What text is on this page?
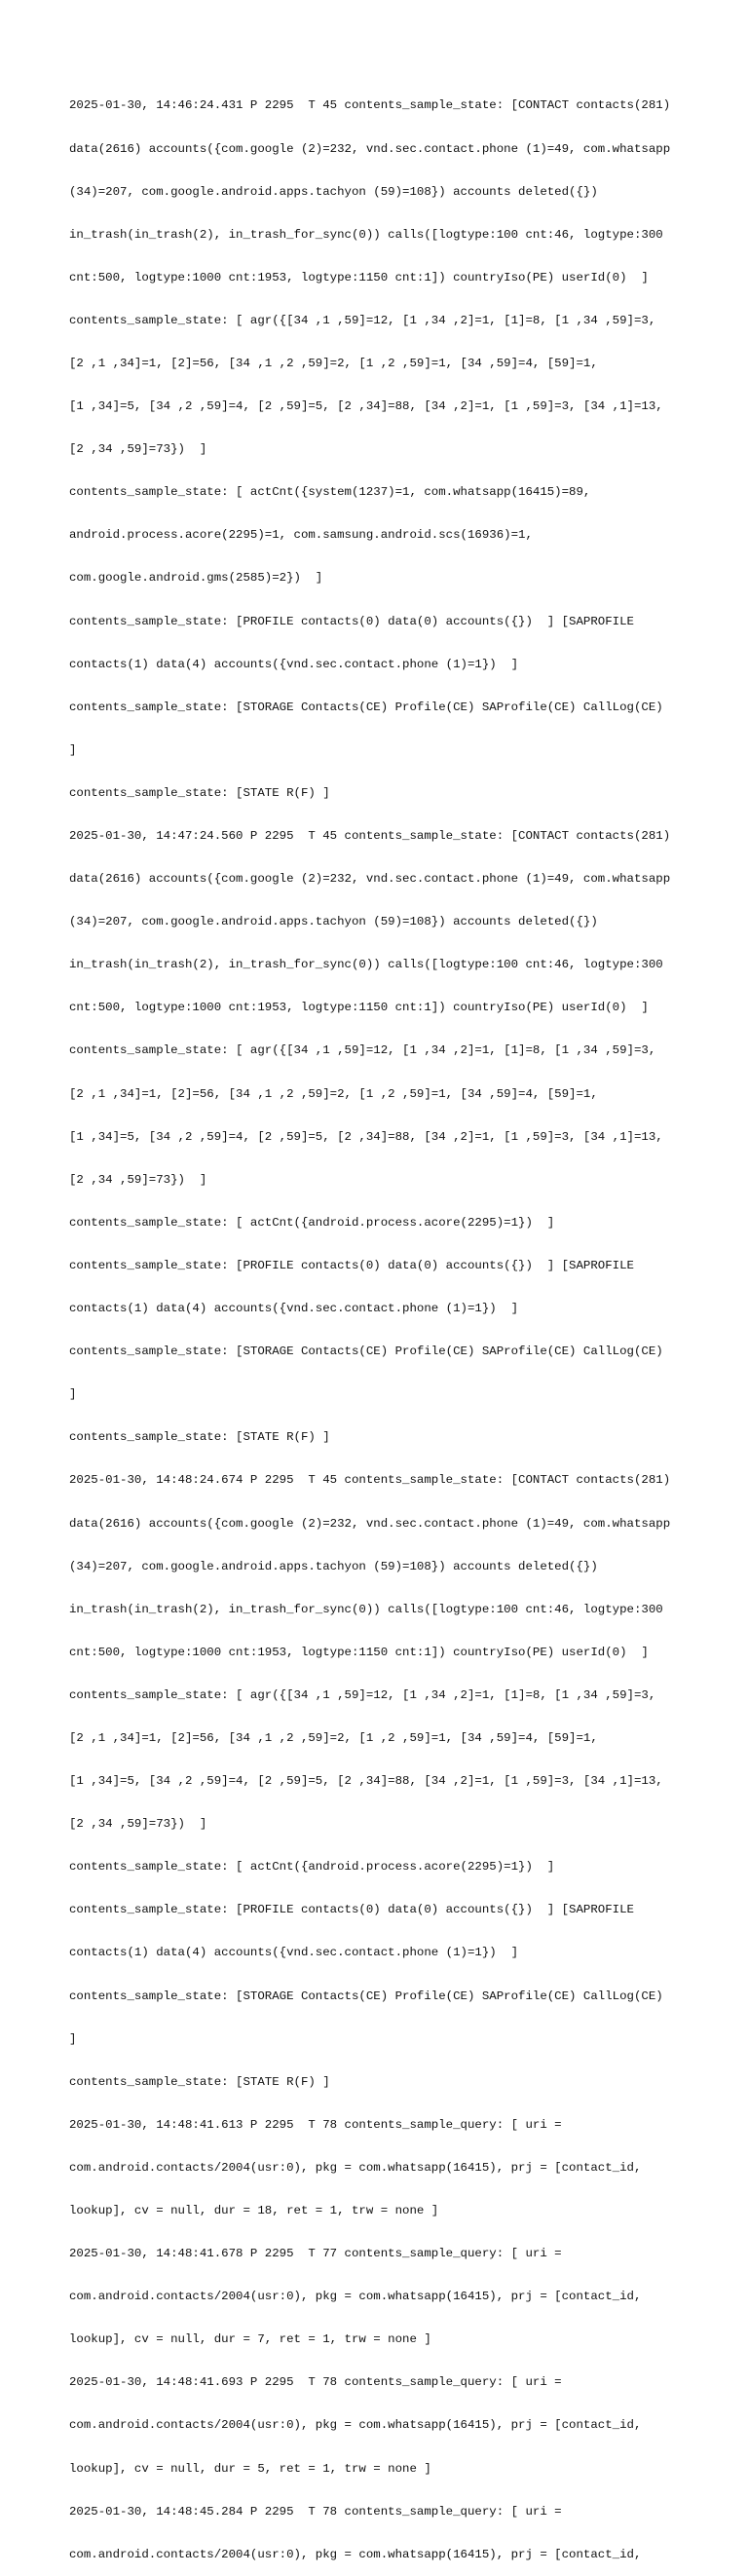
2025-01-30, 14:46:24.431 P 2295  T 45 contents_sample_state: [CONTACT contacts(281)

data(2616) accounts({com.google (2)=232, vnd.sec.contact.phone (1)=49, com.whatsapp

(34)=207, com.google.android.apps.tachyon (59)=108}) accounts deleted({})

in_trash(in_trash(2), in_trash_for_sync(0)) calls([logtype:100 cnt:46, logtype:300

cnt:500, logtype:1000 cnt:1953, logtype:1150 cnt:1]) countryIso(PE) userId(0)  ]

contents_sample_state: [ agr({[34 ,1 ,59]=12, [1 ,34 ,2]=1, [1]=8, [1 ,34 ,59]=3,

[2 ,1 ,34]=1, [2]=56, [34 ,1 ,2 ,59]=2, [1 ,2 ,59]=1, [34 ,59]=4, [59]=1,

[1 ,34]=5, [34 ,2 ,59]=4, [2 ,59]=5, [2 ,34]=88, [34 ,2]=1, [1 ,59]=3, [34 ,1]=13,

[2 ,34 ,59]=73})  ]

contents_sample_state: [ actCnt({system(1237)=1, com.whatsapp(16415)=89,

android.process.acore(2295)=1, com.samsung.android.scs(16936)=1,

com.google.android.gms(2585)=2})  ]

contents_sample_state: [PROFILE contacts(0) data(0) accounts({})  ] [SAPROFILE

contacts(1) data(4) accounts({vnd.sec.contact.phone (1)=1})  ]

contents_sample_state: [STORAGE Contacts(CE) Profile(CE) SAProfile(CE) CallLog(CE)

]

contents_sample_state: [STATE R(F) ]

2025-01-30, 14:47:24.560 P 2295  T 45 contents_sample_state: [CONTACT contacts(281)

data(2616) accounts({com.google (2)=232, vnd.sec.contact.phone (1)=49, com.whatsapp

(34)=207, com.google.android.apps.tachyon (59)=108}) accounts deleted({})

in_trash(in_trash(2), in_trash_for_sync(0)) calls([logtype:100 cnt:46, logtype:300

cnt:500, logtype:1000 cnt:1953, logtype:1150 cnt:1]) countryIso(PE) userId(0)  ]

contents_sample_state: [ agr({[34 ,1 ,59]=12, [1 ,34 ,2]=1, [1]=8, [1 ,34 ,59]=3,

[2 ,1 ,34]=1, [2]=56, [34 ,1 ,2 ,59]=2, [1 ,2 ,59]=1, [34 ,59]=4, [59]=1,

[1 ,34]=5, [34 ,2 ,59]=4, [2 ,59]=5, [2 ,34]=88, [34 ,2]=1, [1 ,59]=3, [34 ,1]=13,

[2 ,34 ,59]=73})  ]

contents_sample_state: [ actCnt({android.process.acore(2295)=1})  ]

contents_sample_state: [PROFILE contacts(0) data(0) accounts({})  ] [SAPROFILE

contacts(1) data(4) accounts({vnd.sec.contact.phone (1)=1})  ]

contents_sample_state: [STORAGE Contacts(CE) Profile(CE) SAProfile(CE) CallLog(CE)

]

contents_sample_state: [STATE R(F) ]

2025-01-30, 14:48:24.674 P 2295  T 45 contents_sample_state: [CONTACT contacts(281)

data(2616) accounts({com.google (2)=232, vnd.sec.contact.phone (1)=49, com.whatsapp

(34)=207, com.google.android.apps.tachyon (59)=108}) accounts deleted({})

in_trash(in_trash(2), in_trash_for_sync(0)) calls([logtype:100 cnt:46, logtype:300

cnt:500, logtype:1000 cnt:1953, logtype:1150 cnt:1]) countryIso(PE) userId(0)  ]

contents_sample_state: [ agr({[34 ,1 ,59]=12, [1 ,34 ,2]=1, [1]=8, [1 ,34 ,59]=3,

[2 ,1 ,34]=1, [2]=56, [34 ,1 ,2 ,59]=2, [1 ,2 ,59]=1, [34 ,59]=4, [59]=1,

[1 ,34]=5, [34 ,2 ,59]=4, [2 ,59]=5, [2 ,34]=88, [34 ,2]=1, [1 ,59]=3, [34 ,1]=13,

[2 ,34 ,59]=73})  ]

contents_sample_state: [ actCnt({android.process.acore(2295)=1})  ]

contents_sample_state: [PROFILE contacts(0) data(0) accounts({})  ] [SAPROFILE

contacts(1) data(4) accounts({vnd.sec.contact.phone (1)=1})  ]

contents_sample_state: [STORAGE Contacts(CE) Profile(CE) SAProfile(CE) CallLog(CE)

]

contents_sample_state: [STATE R(F) ]

2025-01-30, 14:48:41.613 P 2295  T 78 contents_sample_query: [ uri =

com.android.contacts/2004(usr:0), pkg = com.whatsapp(16415), prj = [contact_id,

lookup], cv = null, dur = 18, ret = 1, trw = none ]

2025-01-30, 14:48:41.678 P 2295  T 77 contents_sample_query: [ uri =

com.android.contacts/2004(usr:0), pkg = com.whatsapp(16415), prj = [contact_id,

lookup], cv = null, dur = 7, ret = 1, trw = none ]

2025-01-30, 14:48:41.693 P 2295  T 78 contents_sample_query: [ uri =

com.android.contacts/2004(usr:0), pkg = com.whatsapp(16415), prj = [contact_id,

lookup], cv = null, dur = 5, ret = 1, trw = none ]

2025-01-30, 14:48:45.284 P 2295  T 78 contents_sample_query: [ uri =

com.android.contacts/2004(usr:0), pkg = com.whatsapp(16415), prj = [contact_id,
